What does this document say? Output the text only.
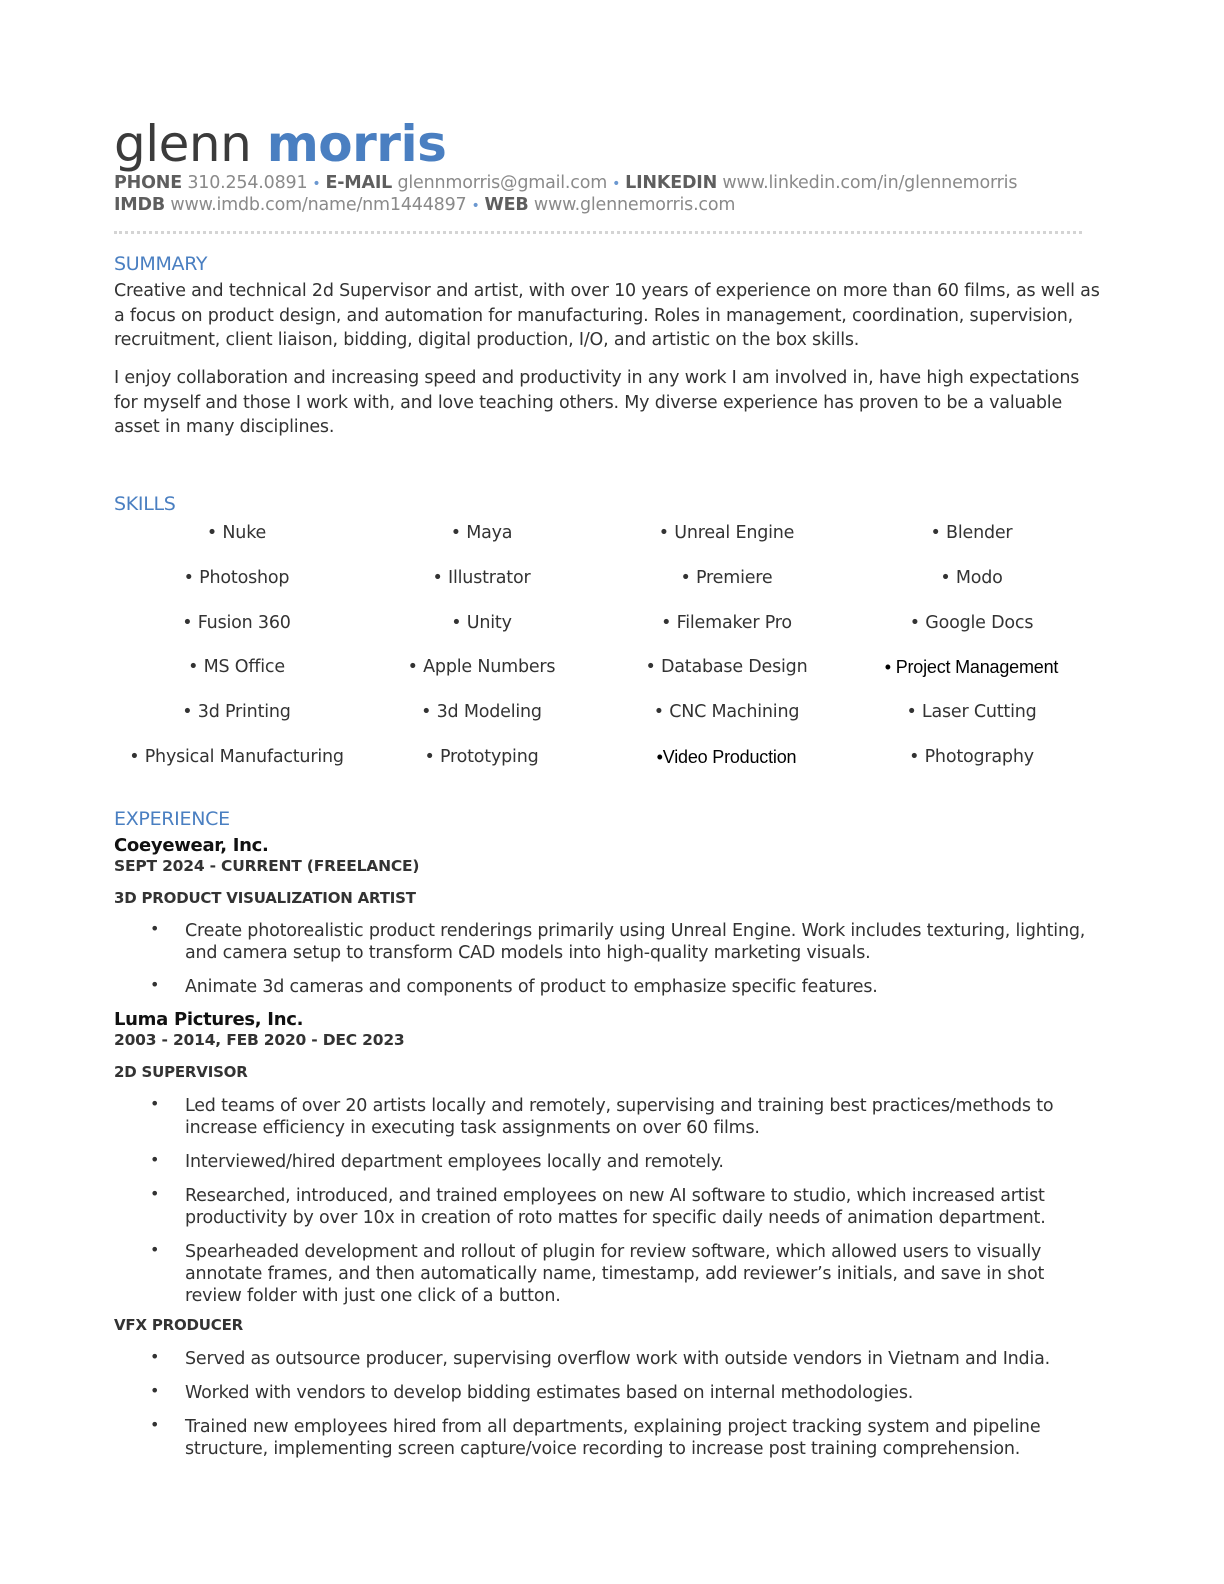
glenn morris
PHONE 310.254.0891 • E-MAIL glennmorris@gmail.com • LINKEDIN www.linkedin.com/in/glennemorris
IMDB www.imdb.com/name/nm1444897 • WEB www.glennemorris.com
SUMMARY
Creative and technical 2d Supervisor and artist, with over 10 years of experience on more than 60 films, as well as a focus on product design, and automation for manufacturing. Roles in management, coordination, supervision, recruitment, client liaison, bidding, digital production, I/O, and artistic on the box skills.
I enjoy collaboration and increasing speed and productivity in any work I am involved in, have high expectations for myself and those I work with, and love teaching others. My diverse experience has proven to be a valuable asset in many disciplines.
SKILLS
• Nuke	• Maya	• Unreal Engine	• Blender
• Photoshop	• Illustrator	• Premiere	• Modo
• Fusion 360	• Unity	• Filemaker Pro	• Google Docs
• MS Office	• Apple Numbers	• Database Design	• Project Management
• 3d Printing	• 3d Modeling	• CNC Machining	• Laser Cutting
• Physical Manufacturing	• Prototyping	•Video Production	• Photography
EXPERIENCE
Coeyewear, Inc.
SEPT 2024 - CURRENT (FREELANCE)
3D PRODUCT VISUALIZATION ARTIST
• Create photorealistic product renderings primarily using Unreal Engine. Work includes texturing, lighting, and camera setup to transform CAD models into high-quality marketing visuals.
• Animate 3d cameras and components of product to emphasize specific features.
Luma Pictures, Inc.
2003 - 2014, FEB 2020 - DEC 2023
2D SUPERVISOR
• Led teams of over 20 artists locally and remotely, supervising and training best practices/methods to increase efficiency in executing task assignments on over 60 films.
• Interviewed/hired department employees locally and remotely.
• Researched, introduced, and trained employees on new AI software to studio, which increased artist productivity by over 10x in creation of roto mattes for specific daily needs of animation department.
• Spearheaded development and rollout of plugin for review software, which allowed users to visually annotate frames, and then automatically name, timestamp, add reviewer’s initials, and save in shot review folder with just one click of a button.
VFX PRODUCER
• Served as outsource producer, supervising overflow work with outside vendors in Vietnam and India.
• Worked with vendors to develop bidding estimates based on internal methodologies.
• Trained new employees hired from all departments, explaining project tracking system and pipeline structure, implementing screen capture/voice recording to increase post training comprehension.
